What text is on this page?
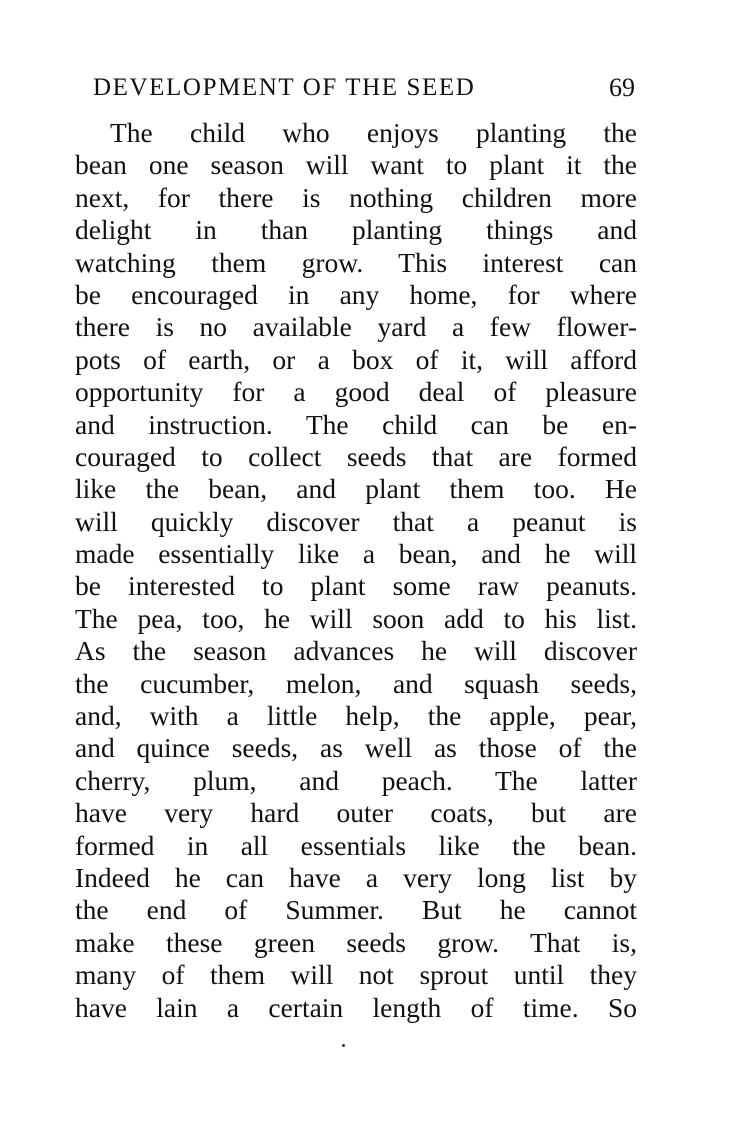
DEVELOPMENT OF THE SEED	69
The child who enjoys planting the
bean one season will want to plant it the
next, for there is nothing children more
delight in than planting things and
watching them grow. This interest can
be encouraged in any home, for where
there is no available yard a few flower-
pots of earth, or a box of it, will afford
opportunity for a good deal of pleasure
and instruction. The child can be en-
couraged to collect seeds that are formed
like the bean, and plant them too. He
will quickly discover that a peanut is
made essentially like a bean, and he will
be interested to plant some raw peanuts.
The pea, too, he will soon add to his list.
As the season advances he will discover
the cucumber, melon, and squash seeds,
and, with a little help, the apple, pear,
and quince seeds, as well as those of the
cherry, plum, and peach. The latter
have very hard outer coats, but are
formed in all essentials like the bean.
Indeed he can have a very long list by
the end of Summer. But he cannot
make these green seeds grow. That is,
many of them will not sprout until they
have lain a certain length of time. So
